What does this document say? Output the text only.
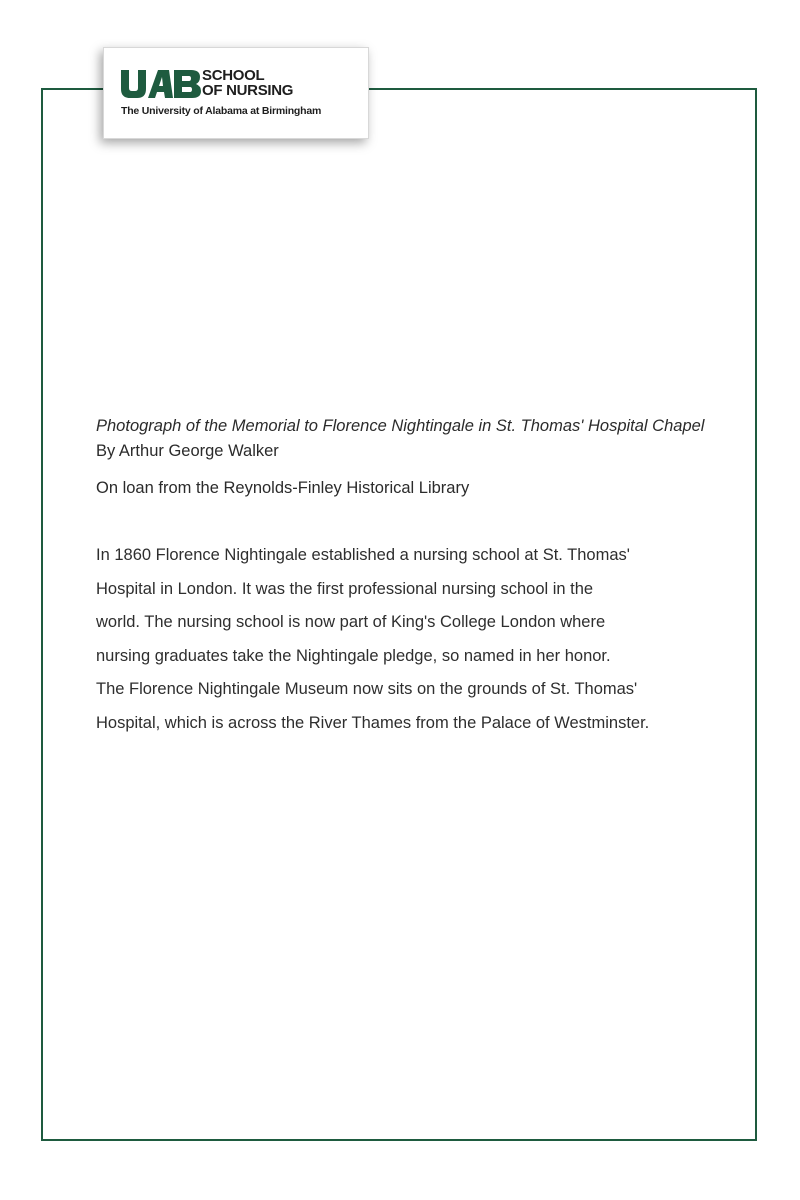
SCHOOL
OF NURSING
The University of Alabama at Birmingham

Photograph of the Memorial to Florence Nightingale in St. Thomas' Hospital Chapel

By Arthur George Walker

On loan from the Reynolds-Finley Historical Library

In 1860 Florence Nightingale established a nursing school at St. Thomas'
Hospital in London. It was the first professional nursing school in the
world. The nursing school is now part of King's College London where
nursing graduates take the Nightingale pledge, so named in her honor.
The Florence Nightingale Museum now sits on the grounds of St. Thomas'
Hospital, which is across the River Thames from the Palace of Westminster.
